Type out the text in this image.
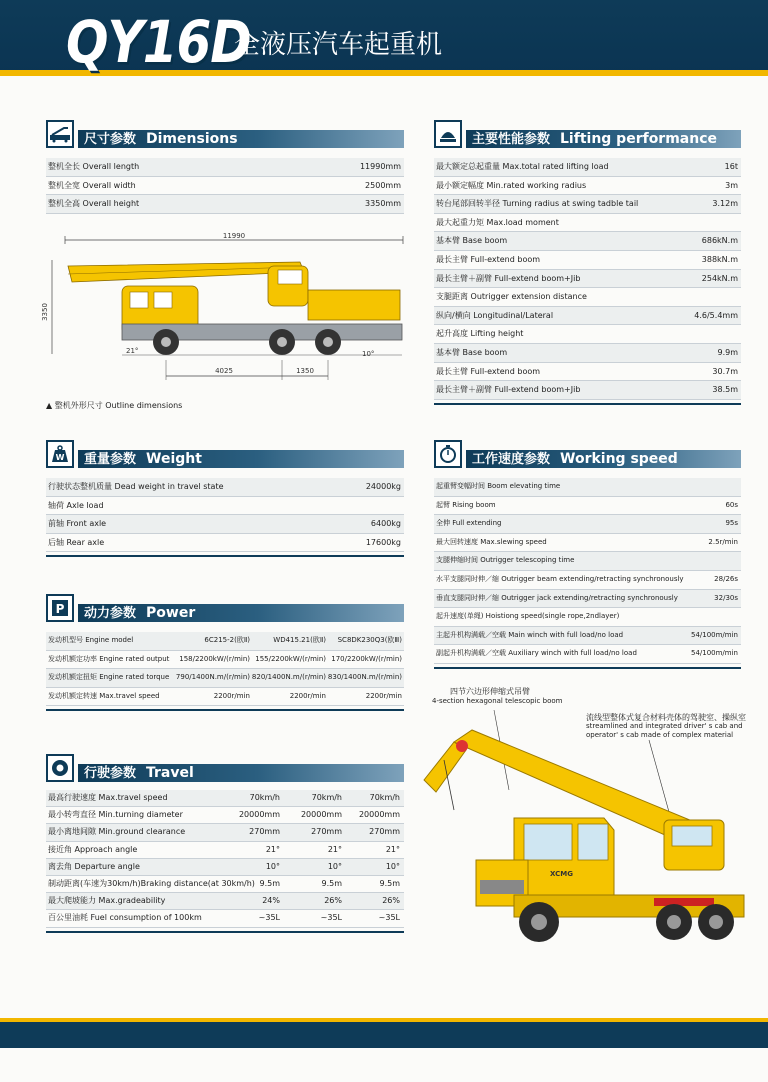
QY16D
全液压汽车起重机
尺寸参数 Dimensions
整机全长 Overall length	11990mm
整机全宽 Overall width	2500mm
整机全高 Overall height	3350mm
11990
3350
21°	10°
4025	1350
▲ 整机外形尺寸 Outline dimensions
主要性能参数 Lifting performance
最大额定总起重量 Max.total rated lifting load	16t
最小额定幅度 Min.rated working radius	3m
转台尾部回转半径 Turning radius at swing tadble tail	3.12m
最大起重力矩 Max.load moment
基本臂 Base boom	686kN.m
最长主臂 Full-extend boom	388kN.m
最长主臂＋副臂 Full-extend boom+Jib	254kN.m
支腿距离 Outrigger extension distance
纵向/横向 Longitudinal/Lateral	4.6/5.4mm
起升高度 Lifting height
基本臂 Base boom	9.9m
最长主臂 Full-extend boom	30.7m
最长主臂＋副臂 Full-extend boom+Jib	38.5m
W	重量参数 Weight
行驶状态整机质量 Dead weight in travel state	24000kg
轴荷 Axle load
前轴 Front axle	6400kg
后轴 Rear axle	17600kg
工作速度参数 Working speed
起重臂变幅时间 Boom elevating time
起臂 Rising boom	60s
全伸 Full extending	95s
最大回转速度 Max.slewing speed	2.5r/min
支腿伸缩时间 Outrigger telescoping time
水平支腿同时伸／缩 Outrigger beam extending/retracting synchronously	28/26s
垂直支腿同时伸／缩 Outrigger jack extending/retracting synchronously	32/30s
起升速度(单绳) Hoistiong speed(single rope,2ndlayer)
主起升机构满载／空载 Main winch with full load/no load	54/100m/min
副起升机构满载／空载 Auxiliary winch with full load/no load	54/100m/min
P	动力参数 Power
发动机型号 Engine model	6C215-2(欧Ⅱ)	WD415.21(欧Ⅱ) SC8DK230Q3(欧Ⅲ)
发动机额定功率 Engine rated output 158/2200kW/(r/min) 155/2200kW/(r/min) 170/2200kW/(r/min)
发动机额定扭矩 Engine rated torque 790/1400N.m/(r/min) 820/1400N.m/(r/min) 830/1400N.m/(r/min)
发动机额定转速 Max.travel speed	2200r/min	2200r/min	2200r/min
行驶参数 Travel
最高行驶速度 Max.travel speed	70km/h	70km/h	70km/h
最小转弯直径 Min.turning diameter	20000mm	20000mm 20000mm
最小离地间隙 Min.ground clearance	270mm	270mm	270mm
接近角 Approach angle	21°	21°	21°
离去角 Departure angle	10°	10°	10°
制动距离(车速为30km/h)Braking distance(at 30km/h) 9.5m	9.5m	9.5m
最大爬坡能力 Max.gradeability	24%	26%	26%
百公里油耗 Fuel consumption of 100km	~35L	~35L	~35L
四节六边形伸缩式吊臂
4-section hexagonal telescopic boom
流线型整体式复合材料壳体的驾驶室、操纵室
streamlined and integrated driver' s cab and
operator' s cab made of complex material
XCMG
